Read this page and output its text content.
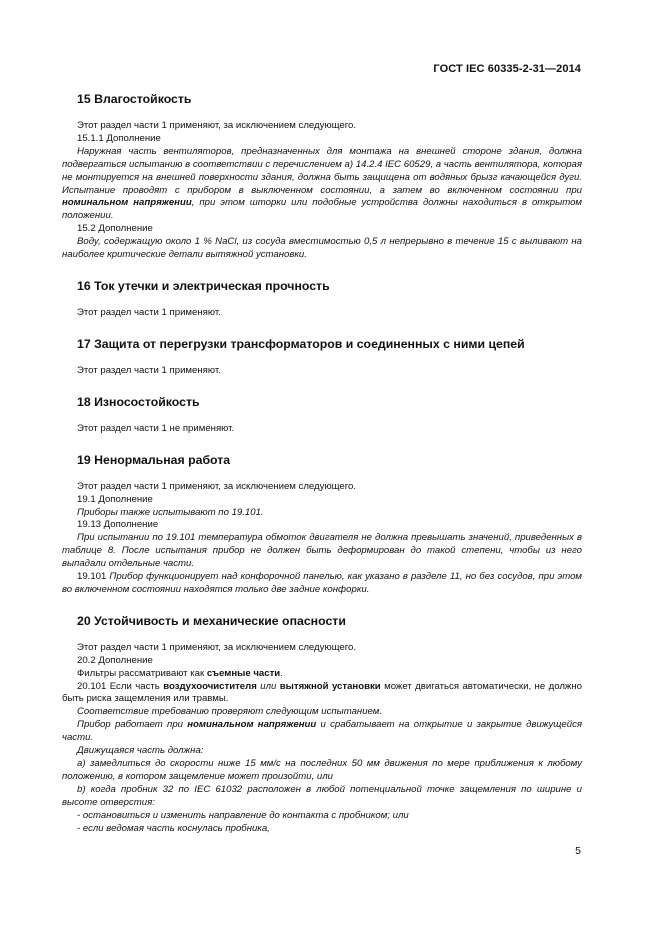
ГОСТ IEC 60335-2-31—2014
15 Влагостойкость

Этот раздел части 1 применяют, за исключением следующего.

15.1.1 Дополнение

Наружная часть вентиляторов, предназначенных для монтажа на внешней стороне здания, должна подвергаться испытанию в соответствии с перечислением а) 14.2.4 IEC 60529, а часть вентилятора, которая не монтируется на внешней поверхности здания, должна быть защищена от водяных брызг качающейся дуги. Испытание проводят с прибором в выключенном состоянии, а затем во включенном состоянии при номинальном напряжении, при этом шторки или подобные устройства должны находиться в открытом положении.

15.2 Дополнение

Воду, содержащую около 1 % NaCl, из сосуда вместимостью 0,5 л непрерывно в течение 15 с выливают на наиболее критические детали вытяжной установки.

16 Ток утечки и электрическая прочность

Этот раздел части 1 применяют.

17 Защита от перегрузки трансформаторов и соединенных с ними цепей

Этот раздел части 1 применяют.

18 Износостойкость

Этот раздел части 1 не применяют.

19 Ненормальная работа

Этот раздел части 1 применяют, за исключением следующего.

19.1 Дополнение

Приборы также испытывают по 19.101.

19.13 Дополнение

При испытании по 19.101 температура обмоток двигателя не должна превышать значений, приведенных в таблице 8. После испытания прибор не должен быть деформирован до такой степени, чтобы из него выпадали отдельные части.

19.101 Прибор функционирует над конфорочной панелью, как указано в разделе 11, но без сосудов, при этом во включенном состоянии находятся только две задние конфорки.

20 Устойчивость и механические опасности

Этот раздел части 1 применяют, за исключением следующего.

20.2 Дополнение

Фильтры рассматривают как съемные части.

20.101 Если часть воздухоочистителя или вытяжной установки может двигаться автоматически, не должно быть риска защемления или травмы.

Соответствие требованию проверяют следующим испытанием.

Прибор работает при номинальном напряжении и срабатывает на открытие и закрытие движущейся части.

Движущаяся часть должна:

а) замедлиться до скорости ниже 15 мм/с на последних 50 мм движения по мере приближения к любому положению, в котором защемление может произойти, или

b) когда пробник 32 по IEC 61032 расположен в любой потенциальной точке защемления по ширине и высоте отверстия:

- остановиться и изменить направление до контакта с пробником; или

- если ведомая часть коснулась пробника,

5
